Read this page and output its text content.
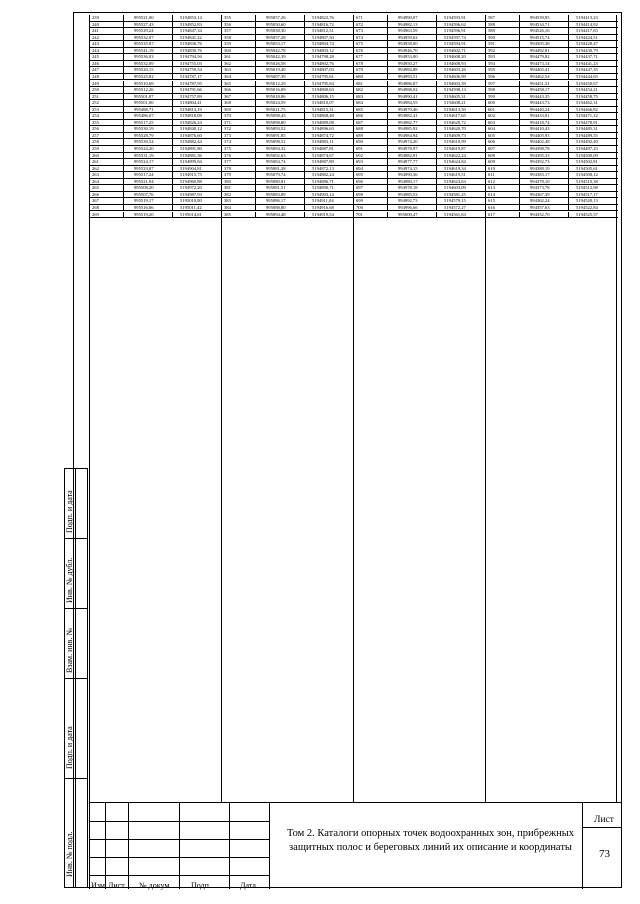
239	995521,00	5194853,14
240	995527,43	5194852,83
241	995529,24	5194847,34
242	995532,07	5194841,22
243	995535,87	5194836,76
244	995541,19	5194830,76
245	995536,03	5194794,94
246	995532,09	5194755,03
247	995520,15	5194759,54
248	995525,82	5194787,17
249	995510,69	5194787,95
250	995512,26	5194791,66
251	995501,87	5194757,89
252	995501,06	5194804,41
253	995488,71	5194813,19
254	995486,07	5194818,08
255	995517,25	5194826,24
256	995530,19	5194840,12
257	995528,79	5194876,60
258	995539,54	5194882,44
259	995524,20	5194891,80
260	995531,19	5194881,36
261	995524,17	5194899,84
262	995523,07	5194904,81
263	995517,24	5194915,75
264	995521,94	5194960,88
265	995508,20	5194972,20
266	995507,76	5194987,93
267	995519,17	5195010,80
268	995516,06	5195011,42
269	995519,20	5195014,61
355	995057,26	5194823,76
356	995050,60	5194816,72
357	995058,30	5194812,51
358	995057,28	5194807,50
359	995053,17	5194804,74
360	995042,78	5194803,12
361	995042,39	5194798,28
362	995026,58	5194802,76
363	995019,49	5194807,03
364	995007,39	5194795,61
365	995012,29	5194795,84
366	995016,09	5194800,63
367	995018,86	5194806,15
368	995024,59	5194810,07
369	995021,75	5194815,31
370	995098,43	5194868,48
371	995098,80	5194889,08
372	995093,52	5194896,63
373	995091,85	5194874,72
374	995098,52	5194883,11
375	995094,32	5194887,81
376	995092,63	5194874,67
377	995084,74	5194887,89
378	995081,38	5194872,13
379	995079,74	5194882,24
380	995080,81	5194886,71
381	995081,51	5194890,71
382	995083,89	5194903,14
383	995086,17	5194911,04
384	995088,80	5194916,68
385	995094,48	5194919,54
671	994990,07	5194593,91
672	994982,13	5194596,62
673	994963,59	5194596,91
674	994959,62	5194597,74
675	994958,00	5194594,91
676	994946,70	5194602,71
677	994953,00	5194608,20
678	994950,27	5194608,93
679	994984,88	5194603,26
680	994993,51	5194606,99
681	994986,87	5194603,39
682	994988,02	5194598,13
683	994990,41	5194605,31
684	994984,55	5194608,21
685	994970,46	5194613,50
686	994982,41	5194617,65
687	994982,77	5194620,72
688	994985,92	5194620,70
689	994984,94	5194609,73
690	994974,20	5194610,99
691	994978,97	5194619,87
692	994982,91	5194622,24
693	994977,77	5194624,84
694	994974,15	5194619,34
695	994990,36	5194619,51
696	994980,17	5194623,63
697	994978,18	5194603,09
698	994985,53	5194581,25
699	994992,73	5194579,15
700	994996,66	5194572,27
701	995000,47	5194561,63
587	994539,95	5194413,23
588	994534,71	5194414,92
589	994526,16	5194417,63
590	994515,74	5194424,51
591	994505,38	5194428,47
592	994492,81	5194430,79
593	994479,82	5194437,71
594	994473,14	5194441,23
595	994465,41	5194447,35
596	994462,54	5194444,65
597	994451,31	5194450,67
598	994458,17	5194454,21
599	994443,35	5194458,75
600	994443,73	5194462,31
601	994440,24	5194466,82
602	994433,01	5194471,12
603	994418,74	5194478,91
604	994410,43	5194485,31
605	994405,93	5194489,55
606	994402,48	5194492,40
607	994398,78	5194497,23
608	994395,33	5194500,09
609	994392,73	5194502,81
610	994388,19	5194505,61
611	994383,17	5194508,12
612	994378,10	5194510,38
613	994373,78	5194512,98
614	994367,39	5194517,17
615	994362,24	5194520,13
616	994357,63	5194522,84
617	994352,70	5194525,57
Подп. и дата
Инв. № дубл.
Взам. инв. №
Подп. и дата
Инв. № подл.
Изм. Лист № докум. Подп.	Дата
Том 2. Каталоги опорных точек водоохранных зон, прибрежных
защитных полос и береговых линий их описание и координаты
Лист
73
